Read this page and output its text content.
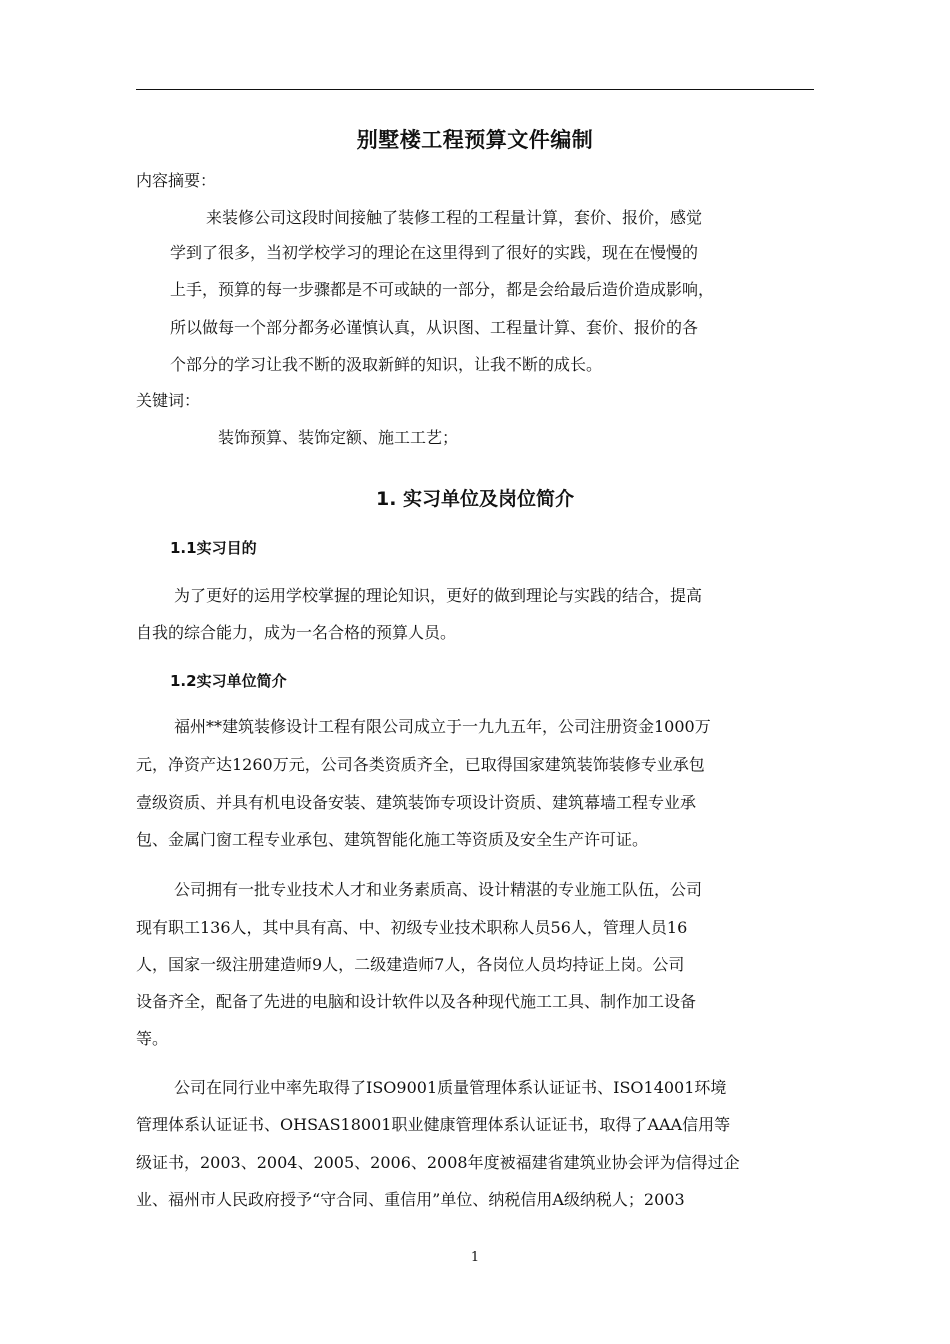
别墅楼工程预算文件编制
内容摘要：
来装修公司这段时间接触了装修工程的工程量计算，套价、报价，感觉
学到了很多，当初学校学习的理论在这里得到了很好的实践，现在在慢慢的
上手，预算的每一步骤都是不可或缺的一部分，都是会给最后造价造成影响，
所以做每一个部分都务必谨慎认真，从识图、工程量计算、套价、报价的各
个部分的学习让我不断的汲取新鲜的知识，让我不断的成长。
关键词：
装饰预算、装饰定额、施工工艺；
1. 实习单位及岗位简介
1.1实习目的
为了更好的运用学校掌握的理论知识，更好的做到理论与实践的结合，提高
自我的综合能力，成为一名合格的预算人员。
1.2实习单位简介
福州**建筑装修设计工程有限公司成立于一九九五年，公司注册资金1000万
元，净资产达1260万元，公司各类资质齐全，已取得国家建筑装饰装修专业承包
壹级资质、并具有机电设备安装、建筑装饰专项设计资质、建筑幕墙工程专业承
包、金属门窗工程专业承包、建筑智能化施工等资质及安全生产许可证。
公司拥有一批专业技术人才和业务素质高、设计精湛的专业施工队伍，公司
现有职工136人，其中具有高、中、初级专业技术职称人员56人，管理人员16
人，国家一级注册建造师9人，二级建造师7人，各岗位人员均持证上岗。公司
设备齐全，配备了先进的电脑和设计软件以及各种现代施工工具、制作加工设备
等。
公司在同行业中率先取得了ISO9001质量管理体系认证证书、ISO14001环境
管理体系认证证书、OHSAS18001职业健康管理体系认证证书，取得了AAA信用等
级证书，2003、2004、2005、2006、2008年度被福建省建筑业协会评为信得过企
业、福州市人民政府授予“守合同、重信用”单位、纳税信用A级纳税人；2003
1
